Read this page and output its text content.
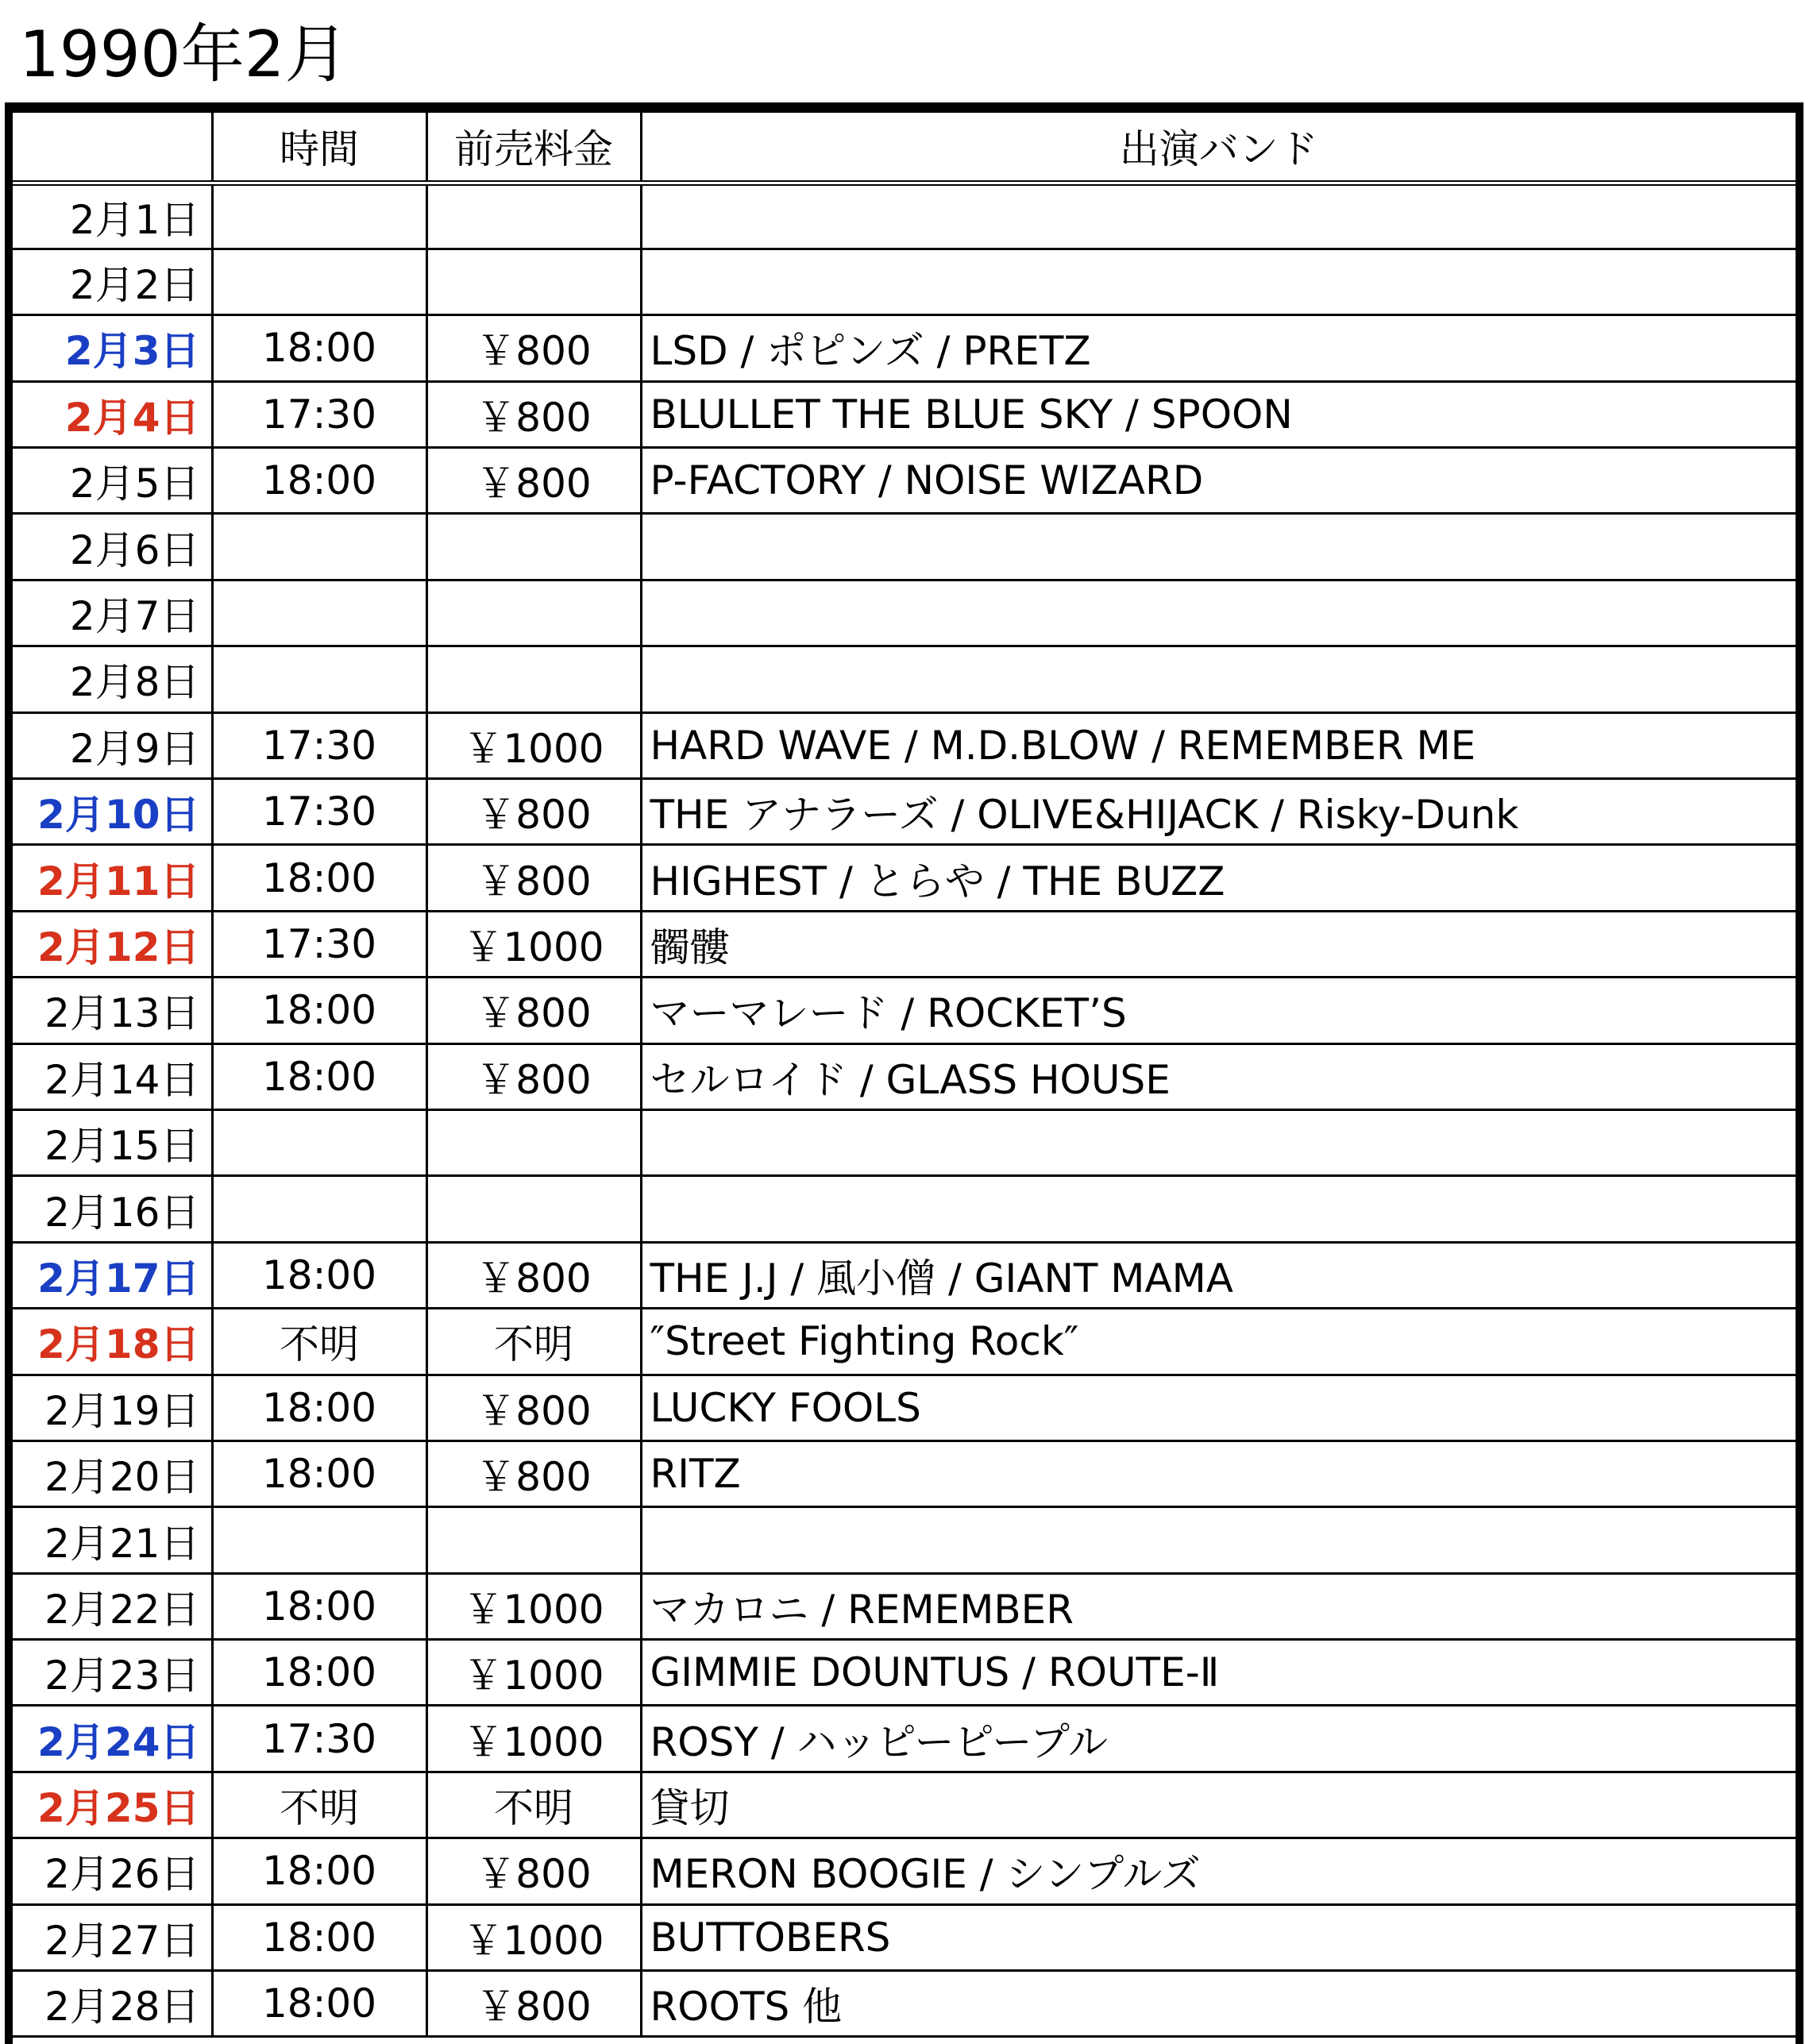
1990年2月
	時間	前売料金	出演バンド
2月1日			
2月2日			
2月3日	18:00	￥800	LSD / ポピンズ / PRETZ
2月4日	17:30	￥800	BLULLET THE BLUE SKY / SPOON
2月5日	18:00	￥800	P-FACTORY / NOISE WIZARD
2月6日			
2月7日			
2月8日			
2月9日	17:30	￥1000	HARD WAVE / M.D.BLOW / REMEMBER ME
2月10日	17:30	￥800	THE アナラーズ / OLIVE&HIJACK / Risky-Dunk
2月11日	18:00	￥800	HIGHEST / とらや / THE BUZZ
2月12日	17:30	￥1000	髑髏
2月13日	18:00	￥800	マーマレード / ROCKET’S
2月14日	18:00	￥800	セルロイド / GLASS HOUSE
2月15日			
2月16日			
2月17日	18:00	￥800	THE J.J / 風小僧 / GIANT MAMA
2月18日	不明	不明	″Street Fighting Rock″
2月19日	18:00	￥800	LUCKY FOOLS
2月20日	18:00	￥800	RITZ
2月21日			
2月22日	18:00	￥1000	マカロニ / REMEMBER
2月23日	18:00	￥1000	GIMMIE DOUNTUS / ROUTE-Ⅱ
2月24日	17:30	￥1000	ROSY / ハッピーピープル
2月25日	不明	不明	貸切
2月26日	18:00	￥800	MERON BOOGIE / シンプルズ
2月27日	18:00	￥1000	BUTTOBERS
2月28日	18:00	￥800	ROOTS 他
